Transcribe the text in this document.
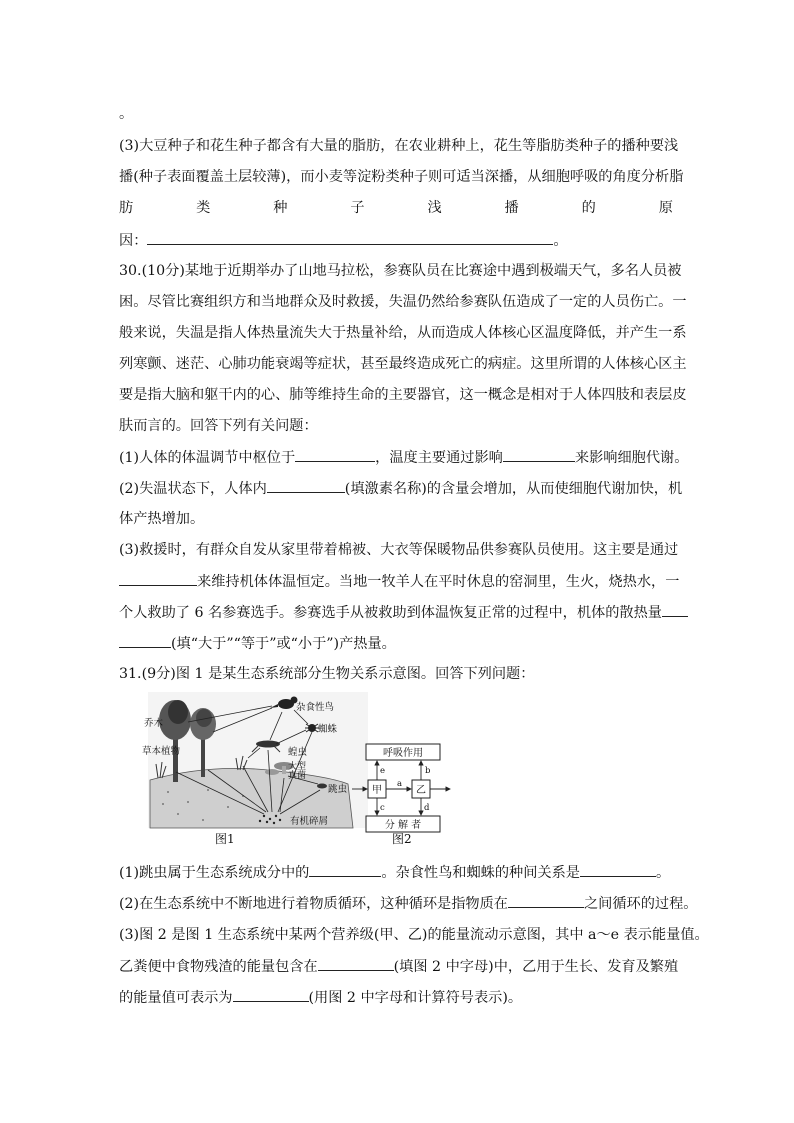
。
(3)大豆种子和花生种子都含有大量的脂肪，在农业耕种上，花生等脂肪类种子的播种要浅
播(种子表面覆盖土层较薄)，而小麦等淀粉类种子则可适当深播，从细胞呼吸的角度分析脂
肪	类	种	子	浅	播	的	原
因：	。
30.(10分)某地于近期举办了山地马拉松，参赛队员在比赛途中遇到极端天气，多名人员被
困。尽管比赛组织方和当地群众及时救援，失温仍然给参赛队伍造成了一定的人员伤亡。一
般来说，失温是指人体热量流失大于热量补给，从而造成人体核心区温度降低，并产生一系
列寒颤、迷茫、心肺功能衰竭等症状，甚至最终造成死亡的病症。这里所谓的人体核心区主
要是指大脑和躯干内的心、肺等维持生命的主要器官，这一概念是相对于人体四肢和表层皮
肤而言的。回答下列有关问题：
(1)人体的体温调节中枢位于	，温度主要通过影响	来影响细胞代谢。
(2)失温状态下，人体内	(填激素名称)的含量会增加，从而使细胞代谢加快，机
体产热增加。
(3)救援时，有群众自发从家里带着棉被、大衣等保暖物品供参赛队员使用。这主要是通过
来维持机体体温恒定。当地一牧羊人在平时休息的窑洞里，生火，烧热水，一
个人救助了 6 名参赛选手。参赛选手从被救助到体温恢复正常的过程中，机体的散热量
(填“大于”“等于”或“小于”)产热量。
31.(9分)图 1 是某生态系统部分生物关系示意图。回答下列问题：
乔木
草本植物
杂食性鸟
蜘蛛
蝗虫
大型
真菌
跳虫
有机碎屑
图1
呼吸作用
甲	乙
分 解 者
a
b
c	d
e
图2
(1)跳虫属于生态系统成分中的	。杂食性鸟和蜘蛛的种间关系是	。
(2)在生态系统中不断地进行着物质循环，这种循环是指物质在	之间循环的过程。
(3)图 2 是图 1 生态系统中某两个营养级(甲、乙)的能量流动示意图，其中 a～e 表示能量值。
乙粪便中食物残渣的能量包含在	(填图 2 中字母)中，乙用于生长、发育及繁殖
的能量值可表示为	(用图 2 中字母和计算符号表示)。
